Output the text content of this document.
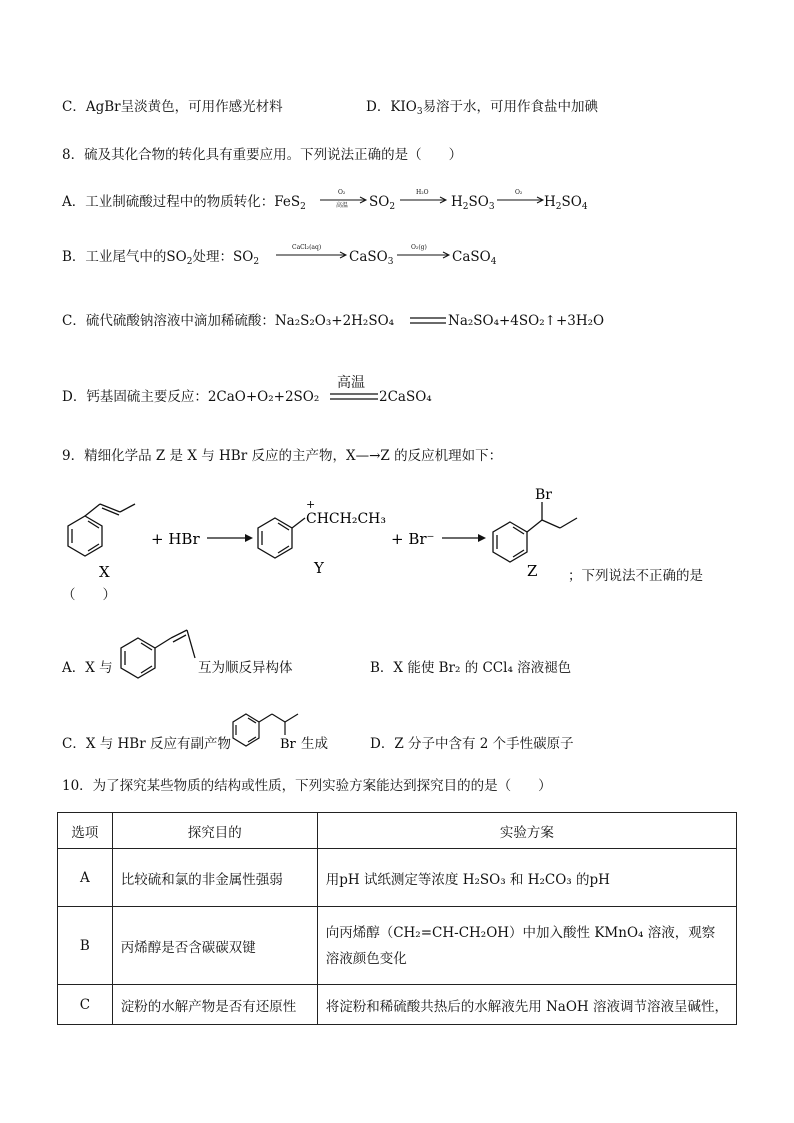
C．AgBr呈淡黄色，可用作感光材料	D．$KIO_3$易溶于水，可用作食盐中加碘
8．硫及其化合物的转化具有重要应用。下列说法正确的是（　　）
A．工业制硫酸过程中的物质转化：FeS$_2$
O₂
高温 $SO_2$
H₂O
$H_2SO_3$
O₂
$H_2SO_4$
B．工业尾气中的$SO_2$处理：$SO_2$
CaCl₂(aq)
CaSO$_3$
O₂(g)
CaSO$_4$
C．硫代硫酸钠溶液中滴加稀硫酸：Na₂S₂O₃+2H₂SO₄	Na₂SO₄+4SO₂↑+3H₂O
D．钙基固硫主要反应：2CaO+O₂+2SO₂
高温
2CaSO₄
9．精细化学品 Z 是 X 与 HBr 反应的主产物，X—→Z 的反应机理如下：
X
+ HBr
+
CHCH₂CH₃
Y
+ Br⁻
Br
Z ；下列说法不正确的是
（　　）
A．X 与	互为顺反异构体	B．X 能使 Br₂ 的 CCl₄ 溶液褪色
C．X 与 HBr 反应有副产物	Br 生成	D．Z 分子中含有 2 个手性碳原子
10．为了探究某些物质的结构或性质，下列实验方案能达到探究目的的是（　　）
选项	探究目的	实验方案
A	比较硫和氯的非金属性强弱	用pH 试纸测定等浓度 H₂SO₃ 和 H₂CO₃ 的pH
B	丙烯醇是否含碳碳双键	向丙烯醇（CH₂=CH-CH₂OH）中加入酸性 KMnO₄ 溶液，观察溶液颜色变化
C	淀粉的水解产物是否有还原性	将淀粉和稀硫酸共热后的水解液先用 NaOH 溶液调节溶液呈碱性，
